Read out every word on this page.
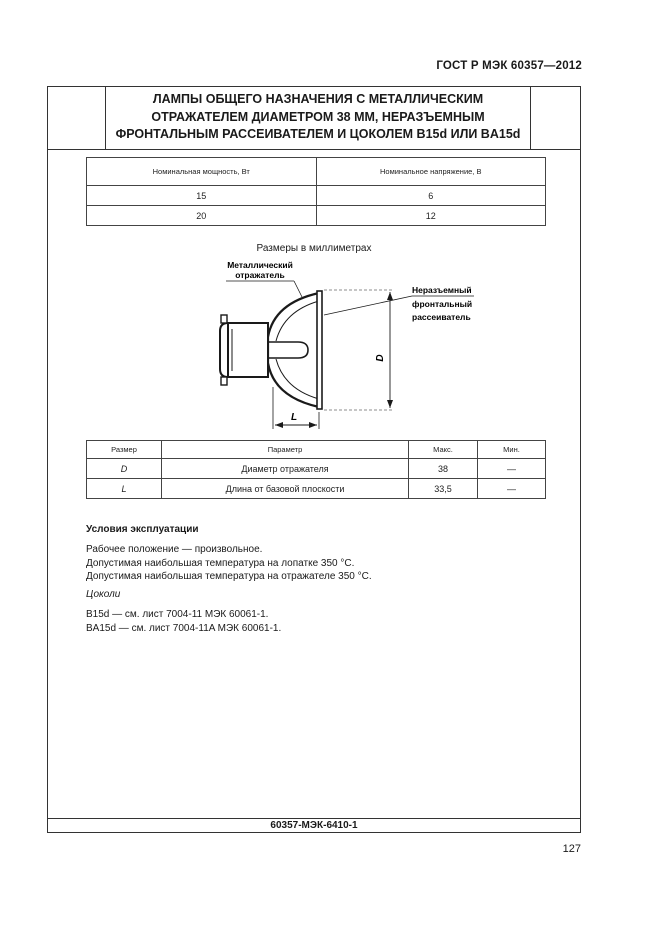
ГОСТ Р МЭК 60357—2012
ЛАМПЫ ОБЩЕГО НАЗНАЧЕНИЯ С МЕТАЛЛИЧЕСКИМ
ОТРАЖАТЕЛЕМ ДИАМЕТРОМ 38 ММ, НЕРАЗЪЕМНЫМ
ФРОНТАЛЬНЫМ РАССЕИВАТЕЛЕМ И ЦОКОЛЕМ B15d ИЛИ BA15d
Номинальная мощность, Вт	Номинальное напряжение, В
15	6
20	12
Размеры в миллиметрах
Металлический
отражатель
Неразъемный
фронтальный
рассеиватель
D
L
Размер	Параметр	Макс.	Мин.
D	Диаметр отражателя	38	—
L	Длина от базовой плоскости	33,5	—
Условия эксплуатации
Рабочее положение — произвольное.
Допустимая наибольшая температура на лопатке 350 °С.
Допустимая наибольшая температура на отражателе 350 °С.
Цоколи
B15d — см. лист 7004-11 МЭК 60061-1.
BA15d — см. лист 7004-11A МЭК 60061-1.
60357-МЭК-6410-1
127
